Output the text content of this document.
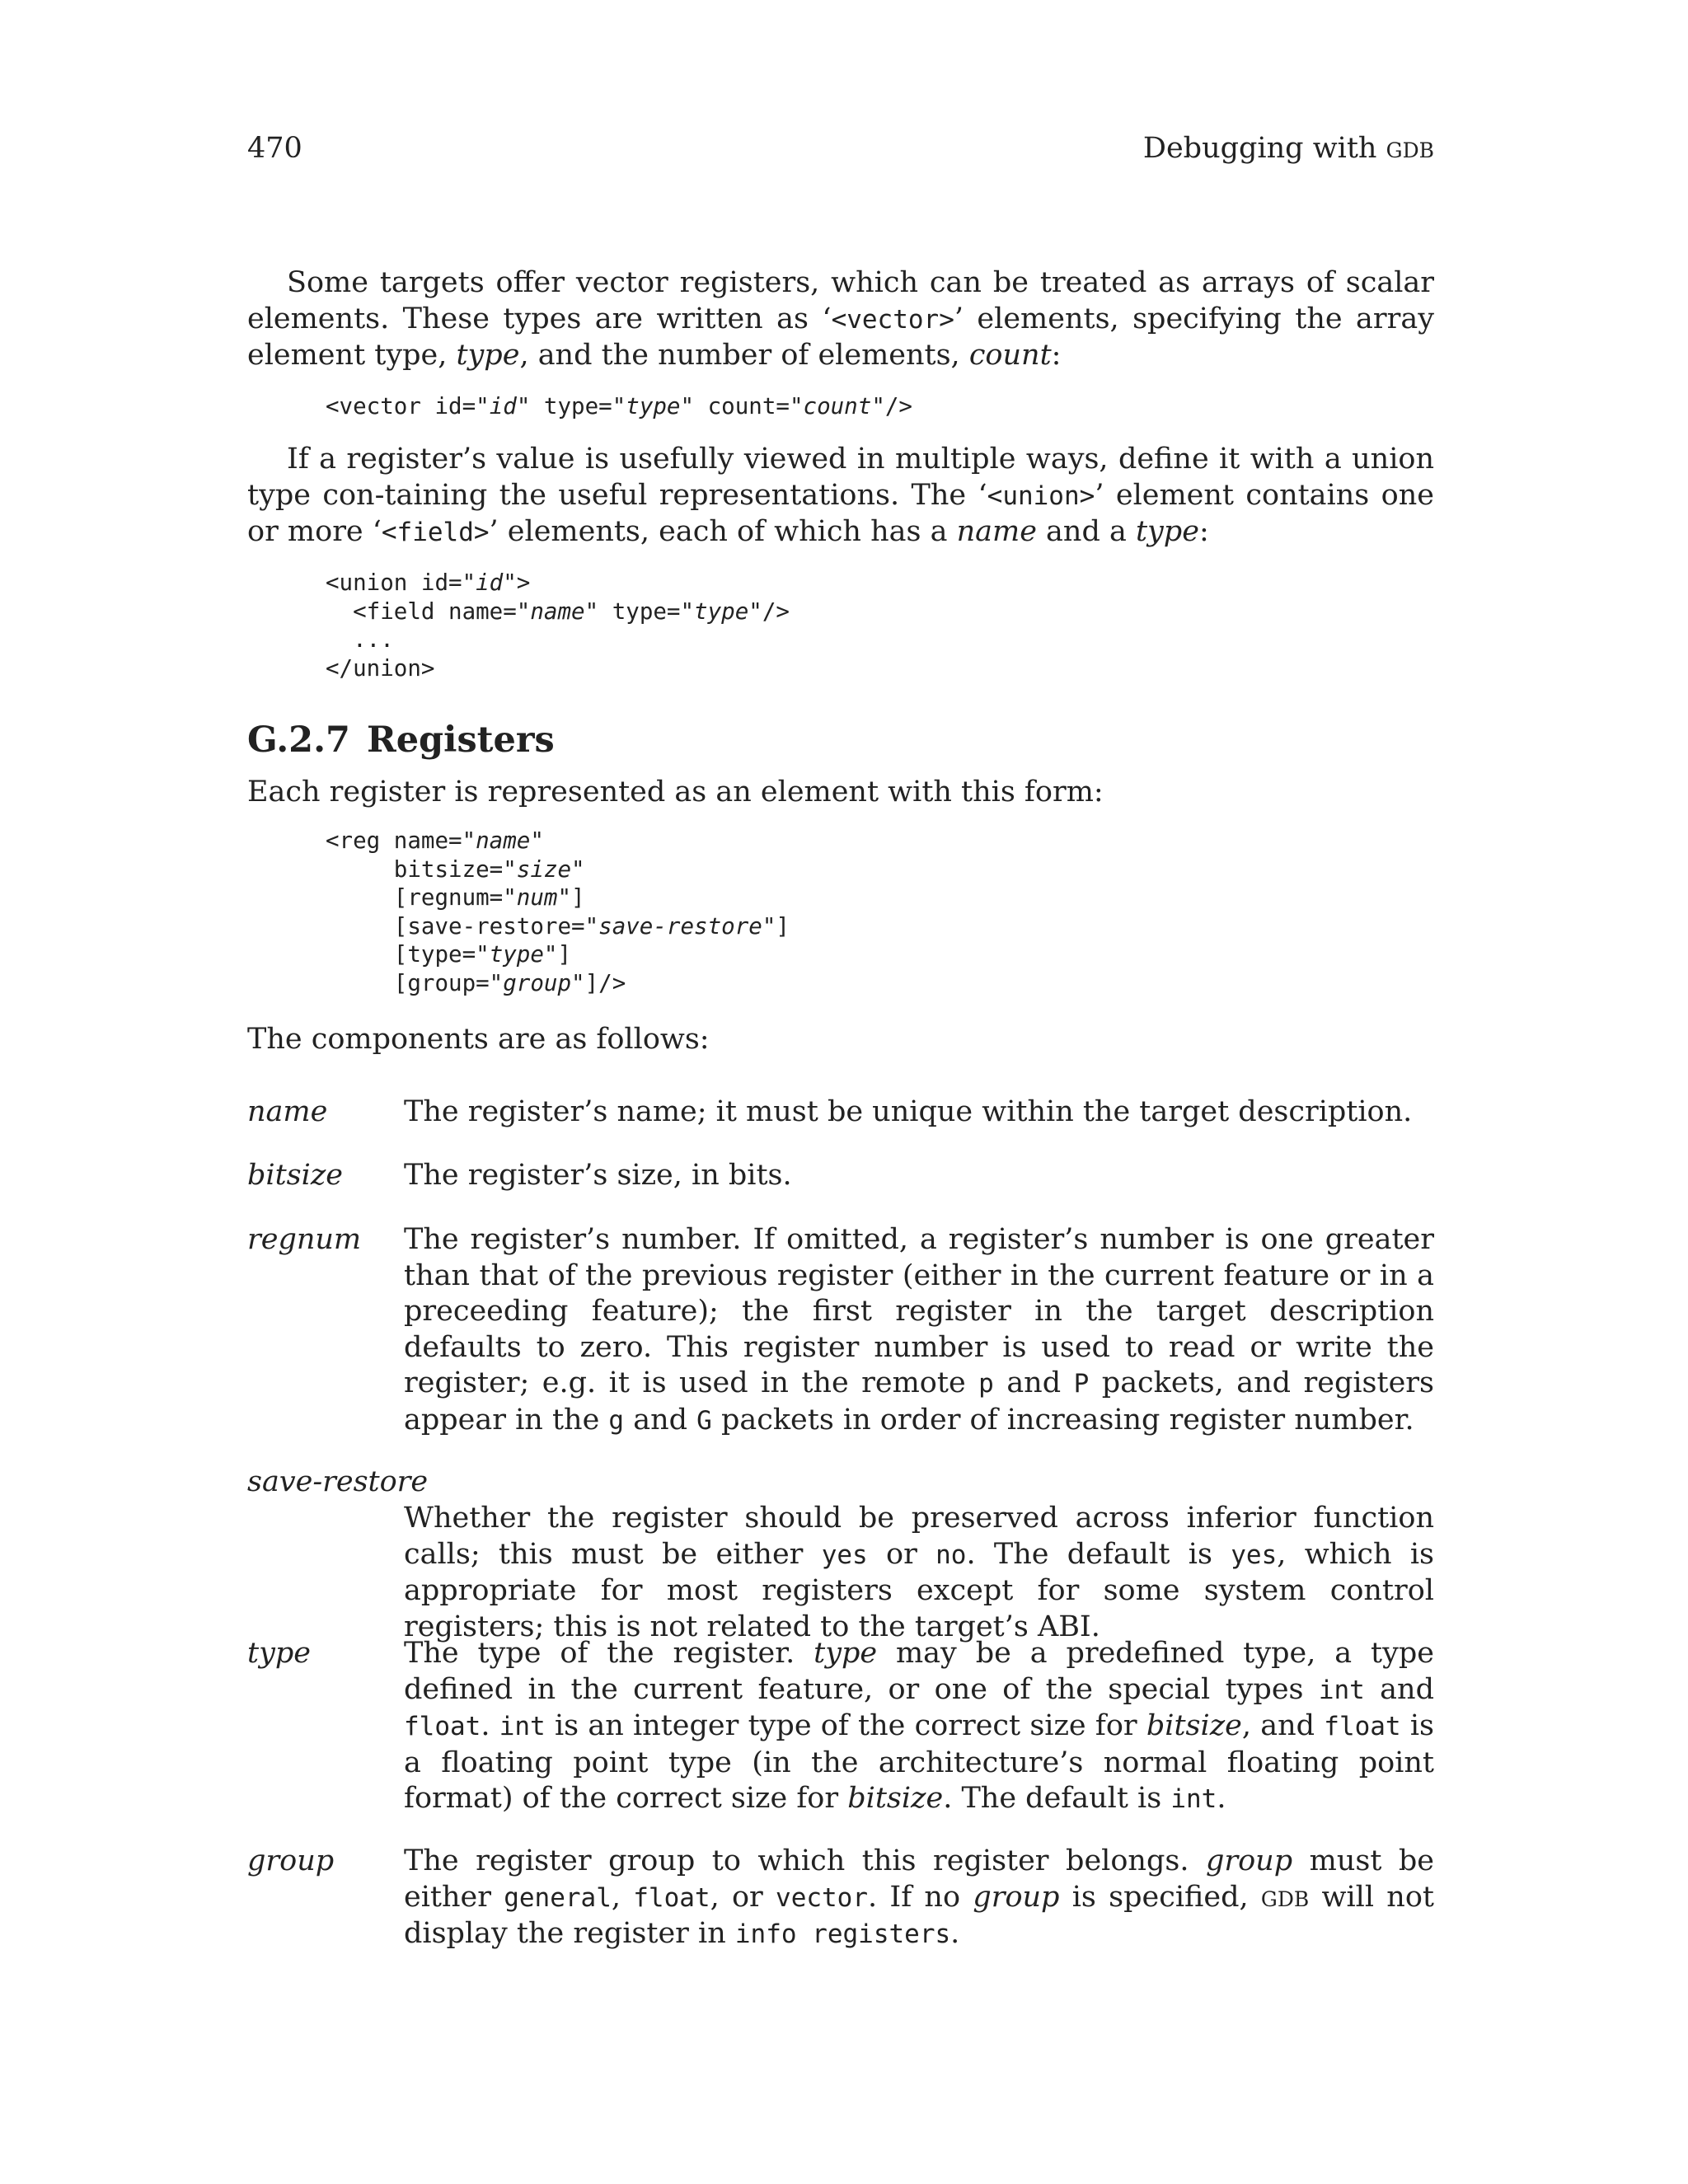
470	Debugging with gdb

Some targets offer vector registers, which can be treated as arrays of scalar elements. These types are written as ‘<vector>’ elements, specifying the array element type, type, and the number of elements, count:

<vector id="id" type="type" count="count"/>

If a register’s value is usefully viewed in multiple ways, define it with a union type con-taining the useful representations. The ‘<union>’ element contains one or more ‘<field>’ elements, each of which has a name and a type:

<union id="id">
<field name="name" type="type"/>
...
</union>
G.2.7 Registers

Each register is represented as an element with this form:

<reg name="name"
bitsize="size"
[regnum="num"]
[save-restore="save-restore"]
[type="type"]
[group="group"]/>

The components are as follows:

name	The register’s name; it must be unique within the target description.

bitsize The register’s size, in bits.

regnum The register’s number. If omitted, a register’s number is one greater than that of the previous register (either in the current feature or in a preceeding feature); the first register in the target description defaults to zero. This register number is used to read or write the register; e.g. it is used in the remote p and P packets, and registers appear in the g and G packets in order of increasing register number.

save-restore

Whether the register should be preserved across inferior function calls; this must be either yes or no. The default is yes, which is appropriate for most registers except for some system control registers; this is not related to the target’s ABI.

type	The type of the register. type may be a predefined type, a type defined in the current feature, or one of the special types int and float. int is an integer type of the correct size for bitsize, and float is a floating point type (in the architecture’s normal floating point format) of the correct size for bitsize. The default is int.

group The register group to which this register belongs. group must be either general, float, or vector. If no group is specified, gdb will not display the register in info registers.
